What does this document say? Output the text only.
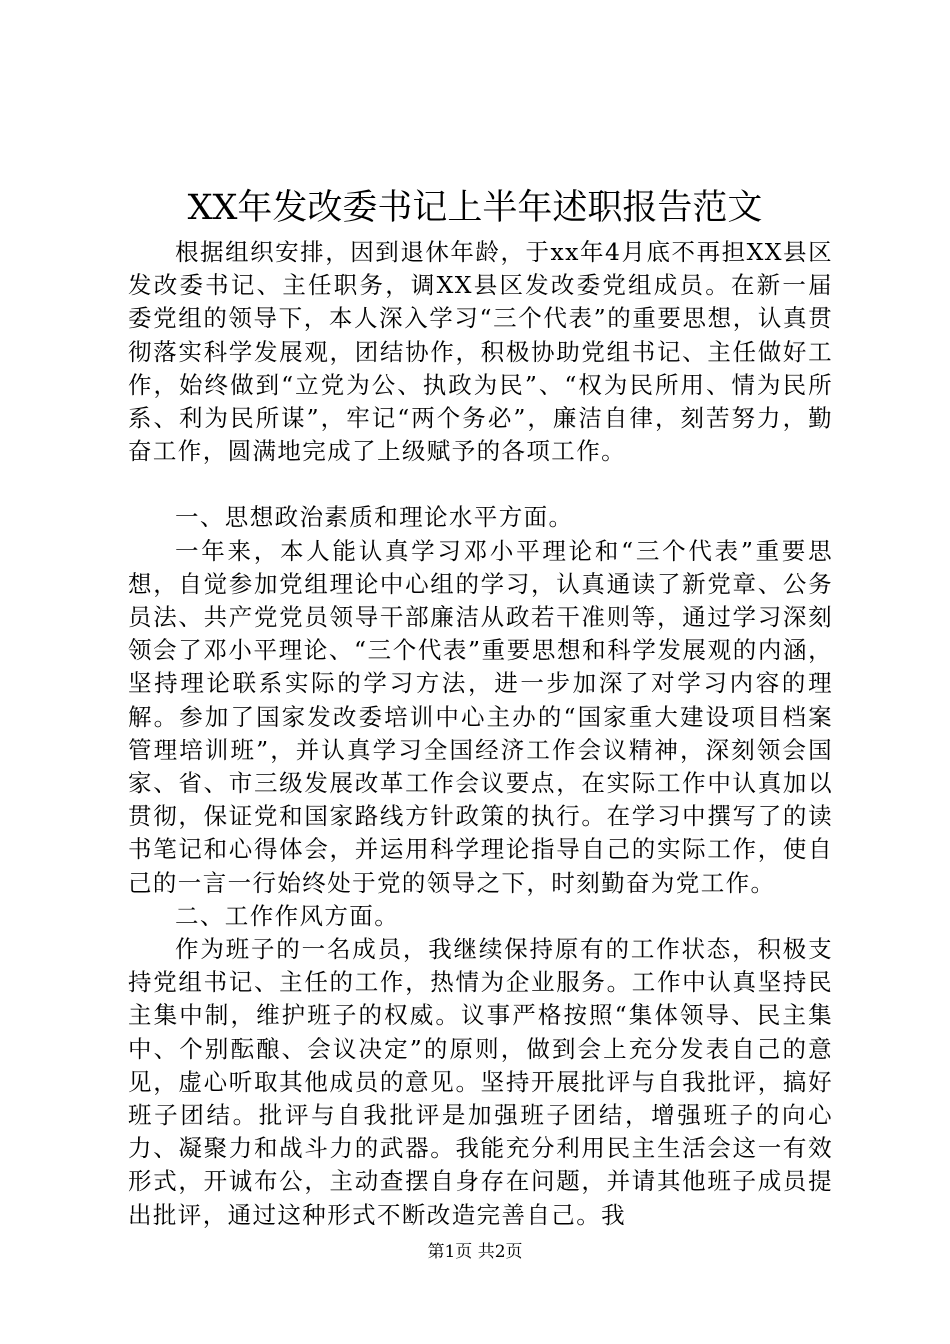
XX年发改委书记上半年述职报告范文

根据组织安排，因到退休年龄，于xx年4月底不再担XX县区发改委书记、主任职务，调XX县区发改委党组成员。在新一届委党组的领导下，本人深入学习“三个代表”的重要思想，认真贯彻落实科学发展观，团结协作，积极协助党组书记、主任做好工作，始终做到“立党为公、执政为民”、“权为民所用、情为民所系、利为民所谋”，牢记“两个务必”，廉洁自律，刻苦努力，勤奋工作，圆满地完成了上级赋予的各项工作。

一、思想政治素质和理论水平方面。

一年来，本人能认真学习邓小平理论和“三个代表”重要思想，自觉参加党组理论中心组的学习，认真通读了新党章、公务员法、共产党党员领导干部廉洁从政若干准则等，通过学习深刻领会了邓小平理论、“三个代表”重要思想和科学发展观的内涵，坚持理论联系实际的学习方法，进一步加深了对学习内容的理解。参加了国家发改委培训中心主办的“国家重大建设项目档案管理培训班”，并认真学习全国经济工作会议精神，深刻领会国家、省、市三级发展改革工作会议要点，在实际工作中认真加以贯彻，保证党和国家路线方针政策的执行。在学习中撰写了的读书笔记和心得体会，并运用科学理论指导自己的实际工作，使自己的一言一行始终处于党的领导之下，时刻勤奋为党工作。

二、工作作风方面。

作为班子的一名成员，我继续保持原有的工作状态，积极支持党组书记、主任的工作，热情为企业服务。工作中认真坚持民主集中制，维护班子的权威。议事严格按照“集体领导、民主集中、个别酝酿、会议决定”的原则，做到会上充分发表自己的意见，虚心听取其他成员的意见。坚持开展批评与自我批评，搞好班子团结。批评与自我批评是加强班子团结，增强班子的向心力、凝聚力和战斗力的武器。我能充分利用民主生活会这一有效形式，开诚布公，主动查摆自身存在问题，并请其他班子成员提出批评，通过这种形式不断改造完善自己。我

第1页 共2页
